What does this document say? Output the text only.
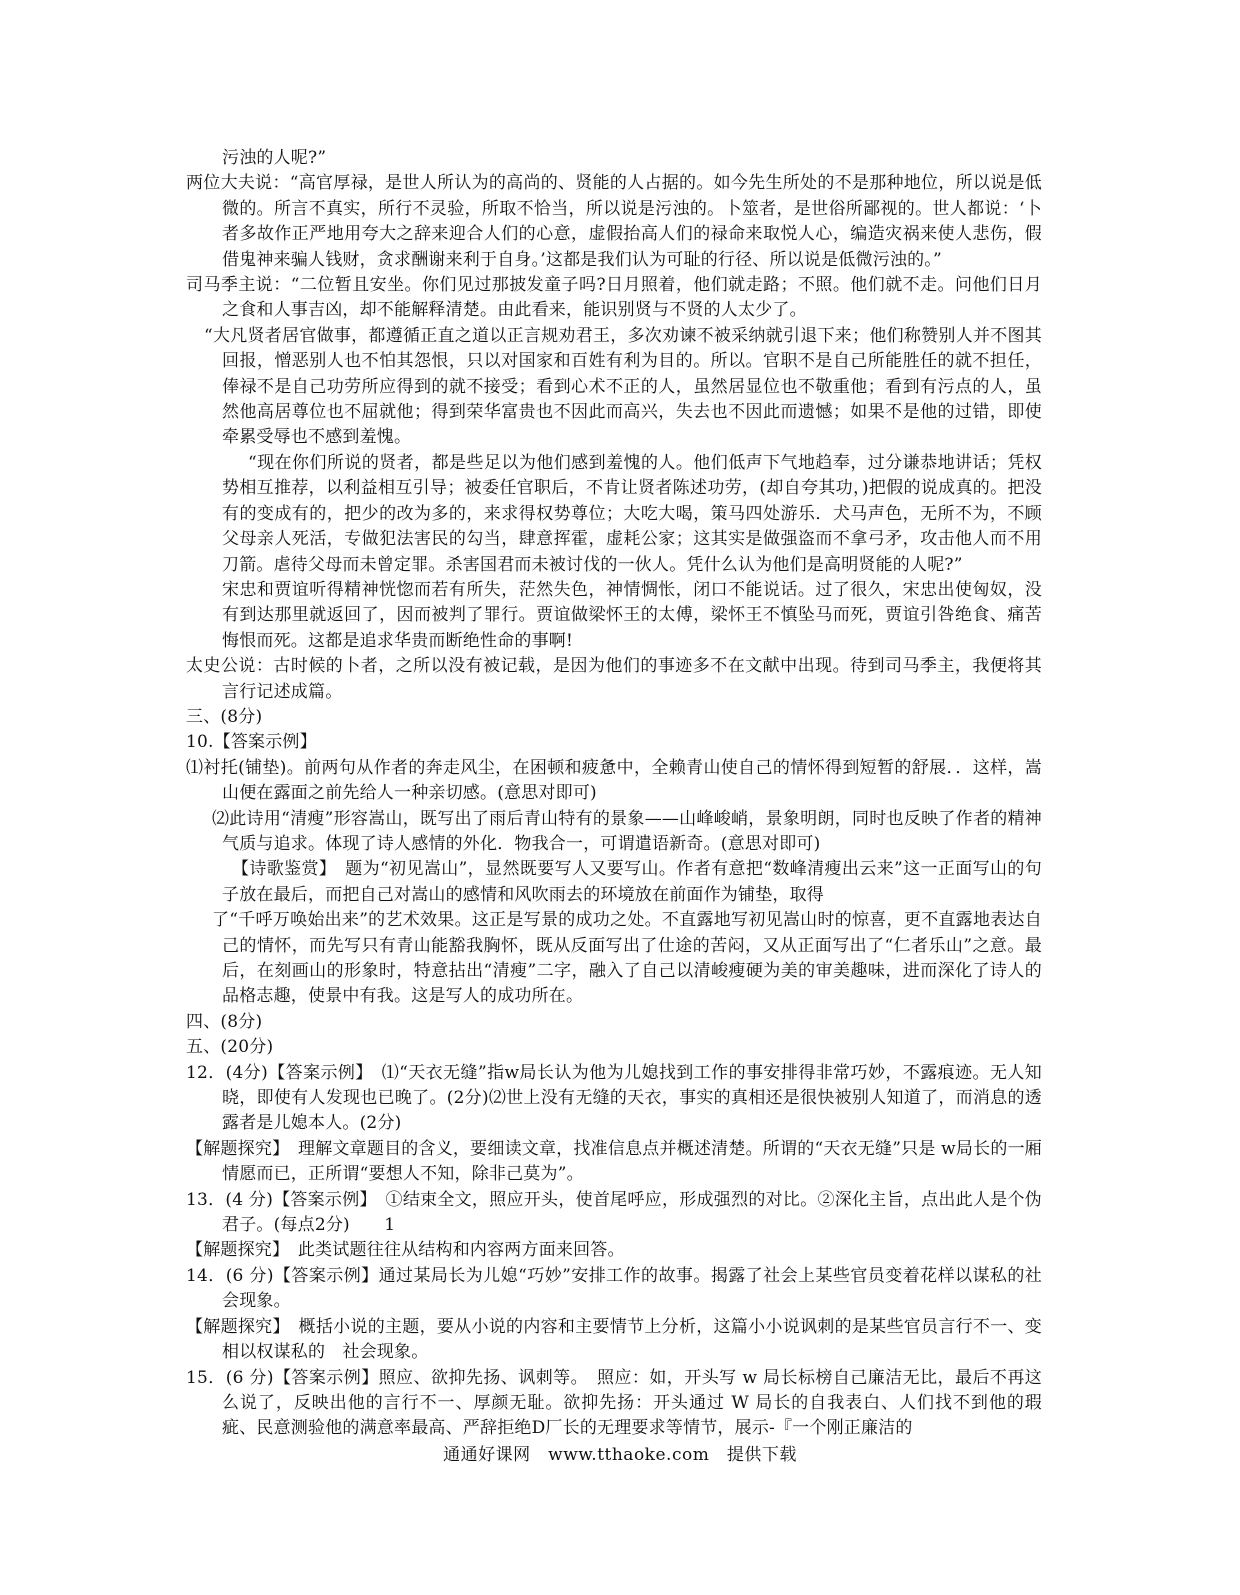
污浊的人呢?”

两位大夫说：“高官厚禄，是世人所认为的高尚的、贤能的人占据的。如今先生所处的不是那种地位，所以说是低微的。所言不真实，所行不灵验，所取不恰当，所以说是污浊的。卜筮者，是世俗所鄙视的。世人都说：‘卜者多故作正严地用夸大之辞来迎合人们的心意，虚假抬高人们的禄命来取悦人心，编造灾祸来使人悲伤，假借鬼神来骗人钱财，贪求酬谢来利于自身。’这都是我们认为可耻的行径、所以说是低微污浊的。”

司马季主说：“二位暂且安坐。你们见过那披发童子吗?日月照着，他们就走路；不照。他们就不走。问他们日月之食和人事吉凶，却不能解释清楚。由此看来，能识别贤与不贤的人太少了。

“大凡贤者居官做事，都遵循正直之道以正言规劝君王，多次劝谏不被采纳就引退下来；他们称赞别人并不图其回报，憎恶别人也不怕其怨恨，只以对国家和百姓有利为目的。所以。官职不是自己所能胜任的就不担任，俸禄不是自己功劳所应得到的就不接受；看到心术不正的人，虽然居显位也不敬重他；看到有污点的人，虽然他高居尊位也不屈就他；得到荣华富贵也不因此而高兴，失去也不因此而遗憾；如果不是他的过错，即使牵累受辱也不感到羞愧。

“现在你们所说的贤者，都是些足以为他们感到羞愧的人。他们低声下气地趋奉，过分谦恭地讲话；凭权势相互推荐，以利益相互引导；被委任官职后，不肯让贤者陈述功劳，(却自夸其功，)把假的说成真的。把没有的变成有的，把少的改为多的，来求得权势尊位；大吃大喝，策马四处游乐．犬马声色，无所不为，不顾父母亲人死活，专做犯法害民的勾当，肆意挥霍，虚耗公家；这其实是做强盗而不拿弓矛，攻击他人而不用刀箭。虐待父母而未曾定罪。杀害国君而未被讨伐的一伙人。凭什么认为他们是高明贤能的人呢?”

宋忠和贾谊听得精神恍惚而若有所失，茫然失色，神情惆怅，闭口不能说话。过了很久，宋忠出使匈奴，没有到达那里就返回了，因而被判了罪行。贾谊做梁怀王的太傅，梁怀王不慎坠马而死，贾谊引咎绝食、痛苦悔恨而死。这都是追求华贵而断绝性命的事啊!

太史公说：古时候的卜者，之所以没有被记载，是因为他们的事迹多不在文献中出现。待到司马季主，我便将其言行记述成篇。

三、(8分)

10.【答案示例】

⑴衬托(铺垫)。前两句从作者的奔走风尘，在困顿和疲惫中，全赖青山使自己的情怀得到短暂的舒展．．这样，嵩山便在露面之前先给人一种亲切感。(意思对即可)

⑵此诗用“清瘦”形容嵩山，既写出了雨后青山特有的景象——山峰峻峭，景象明朗，同时也反映了作者的精神气质与追求。体现了诗人感情的外化．物我合一，可谓遣语新奇。(意思对即可)

【诗歌鉴赏】　题为“初见嵩山”，显然既要写人又要写山。作者有意把“数峰清瘦出云来”这一正面写山的句子放在最后，而把自己对嵩山的感情和风吹雨去的环境放在前面作为铺垫，取得

了“千呼万唤始出来”的艺术效果。这正是写景的成功之处。不直露地写初见嵩山时的惊喜，更不直露地表达自己的情怀，而先写只有青山能豁我胸怀，既从反面写出了仕途的苦闷，又从正面写出了“仁者乐山”之意。最后，在刻画山的形象时，特意拈出“清瘦”二字，融入了自己以清峻瘦硬为美的审美趣味，进而深化了诗人的品格志趣，使景中有我。这是写人的成功所在。

四、(8分)

五、(20分)

12．(4分)【答案示例】　⑴“天衣无缝”指w局长认为他为儿媳找到工作的事安排得非常巧妙，不露痕迹。无人知晓，即使有人发现也已晚了。(2分)⑵世上没有无缝的天衣，事实的真相还是很快被别人知道了，而消息的透露者是儿媳本人。(2分)

【解题探究】　理解文章题目的含义，要细读文章，找准信息点并概述清楚。所谓的“天衣无缝”只是 w局长的一厢情愿而已，正所谓“要想人不知，除非己莫为”。

13．(4 分)【答案示例】　①结束全文，照应开头，使首尾呼应，形成强烈的对比。②深化主旨，点出此人是个伪君子。(每点2分)　　1

【解题探究】　此类试题往往从结构和内容两方面来回答。

14．(6 分)【答案示例】通过某局长为儿媳“巧妙”安排工作的故事。揭露了社会上某些官员变着花样以谋私的社会现象。

【解题探究】　概括小说的主题，要从小说的内容和主要情节上分析，这篇小小说讽刺的是某些官员言行不一、变相以权谋私的　社会现象。

15．(6 分)【答案示例】照应、欲抑先扬、讽刺等。　照应：如，开头写 w 局长标榜自己廉洁无比，最后不再这么说了，反映出他的言行不一、厚颜无耻。欲抑先扬：开头通过 W 局长的自我表白、人们找不到他的瑕疵、民意测验他的满意率最高、严辞拒绝D厂长的无理要求等情节，展示-『一个刚正廉洁的

通通好课网　www.tthaoke.com　提供下载
